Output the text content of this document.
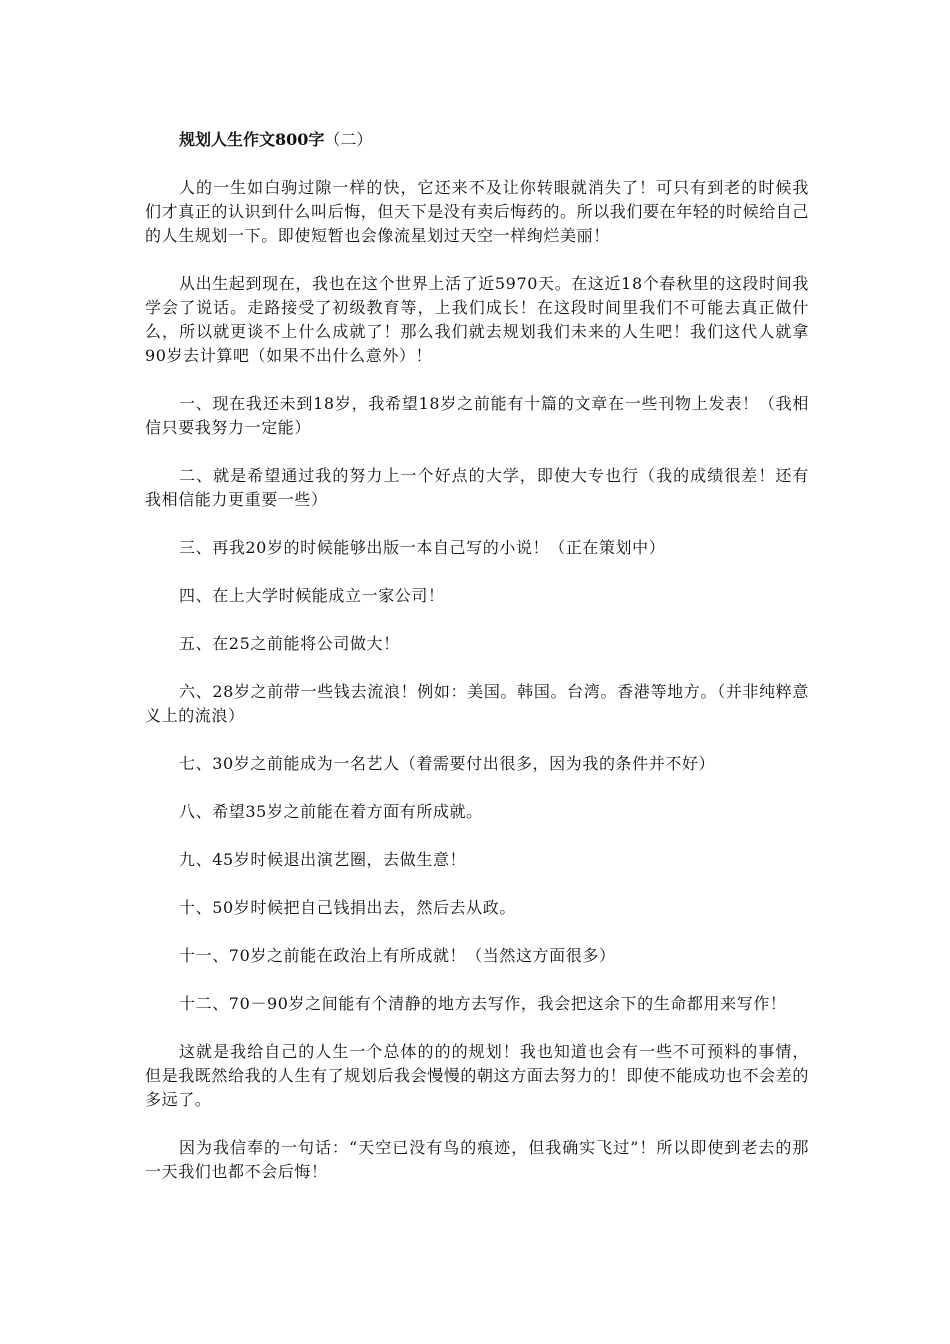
规划人生作文800字（二）

人的一生如白驹过隙一样的快，它还来不及让你转眼就消失了！可只有到老的时候我们才真正的认识到什么叫后悔，但天下是没有卖后悔药的。所以我们要在年轻的时候给自己的人生规划一下。即使短暂也会像流星划过天空一样绚烂美丽！

从出生起到现在，我也在这个世界上活了近5970天。在这近18个春秋里的这段时间我学会了说话。走路接受了初级教育等，上我们成长！在这段时间里我们不可能去真正做什么，所以就更谈不上什么成就了！那么我们就去规划我们未来的人生吧！我们这代人就拿90岁去计算吧（如果不出什么意外）！

一、现在我还未到18岁，我希望18岁之前能有十篇的文章在一些刊物上发表！（我相信只要我努力一定能）

二、就是希望通过我的努力上一个好点的大学，即使大专也行（我的成绩很差！还有我相信能力更重要一些）

三、再我20岁的时候能够出版一本自己写的小说！（正在策划中）

四、在上大学时候能成立一家公司！

五、在25之前能将公司做大！

六、28岁之前带一些钱去流浪！例如：美国。韩国。台湾。香港等地方。（并非纯粹意义上的流浪）

七、30岁之前能成为一名艺人（着需要付出很多，因为我的条件并不好）

八、希望35岁之前能在着方面有所成就。

九、45岁时候退出演艺圈，去做生意！

十、50岁时候把自己钱捐出去，然后去从政。

十一、70岁之前能在政治上有所成就！（当然这方面很多）

十二、70－90岁之间能有个清静的地方去写作，我会把这余下的生命都用来写作！

这就是我给自己的人生一个总体的的的规划！我也知道也会有一些不可预料的事情，但是我既然给我的人生有了规划后我会慢慢的朝这方面去努力的！即使不能成功也不会差的多远了。

因为我信奉的一句话：“天空已没有鸟的痕迹，但我确实飞过”！所以即使到老去的那一天我们也都不会后悔！
